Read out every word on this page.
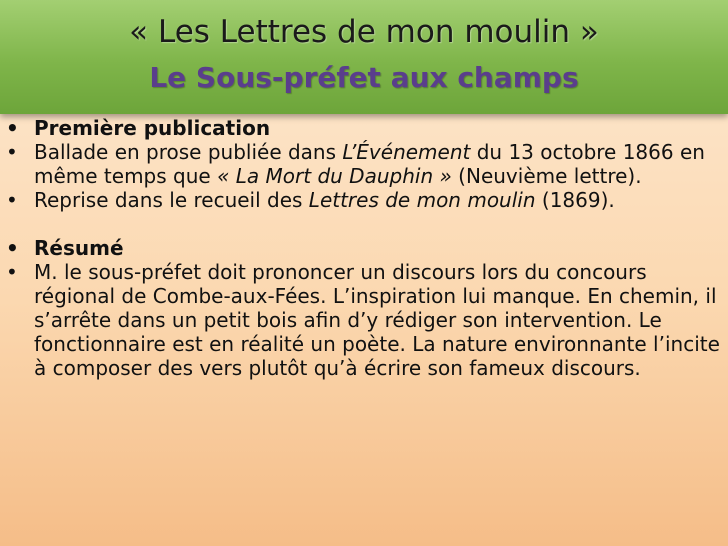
« Les Lettres de mon moulin »
Le Sous-préfet aux champs

• Première publication

• Ballade en prose publiée dans L’Événement du 13 octobre 1866 en même temps que « La Mort du Dauphin » (Neuvième lettre).

• Reprise dans le recueil des Lettres de mon moulin (1869).

• Résumé

• M. le sous-préfet doit prononcer un discours lors du concours régional de Combe-aux-Fées. L’inspiration lui manque. En chemin, il s’arrête dans un petit bois afin d’y rédiger son intervention. Le fonctionnaire est en réalité un poète. La nature environnante l’incite à composer des vers plutôt qu’à écrire son fameux discours.
